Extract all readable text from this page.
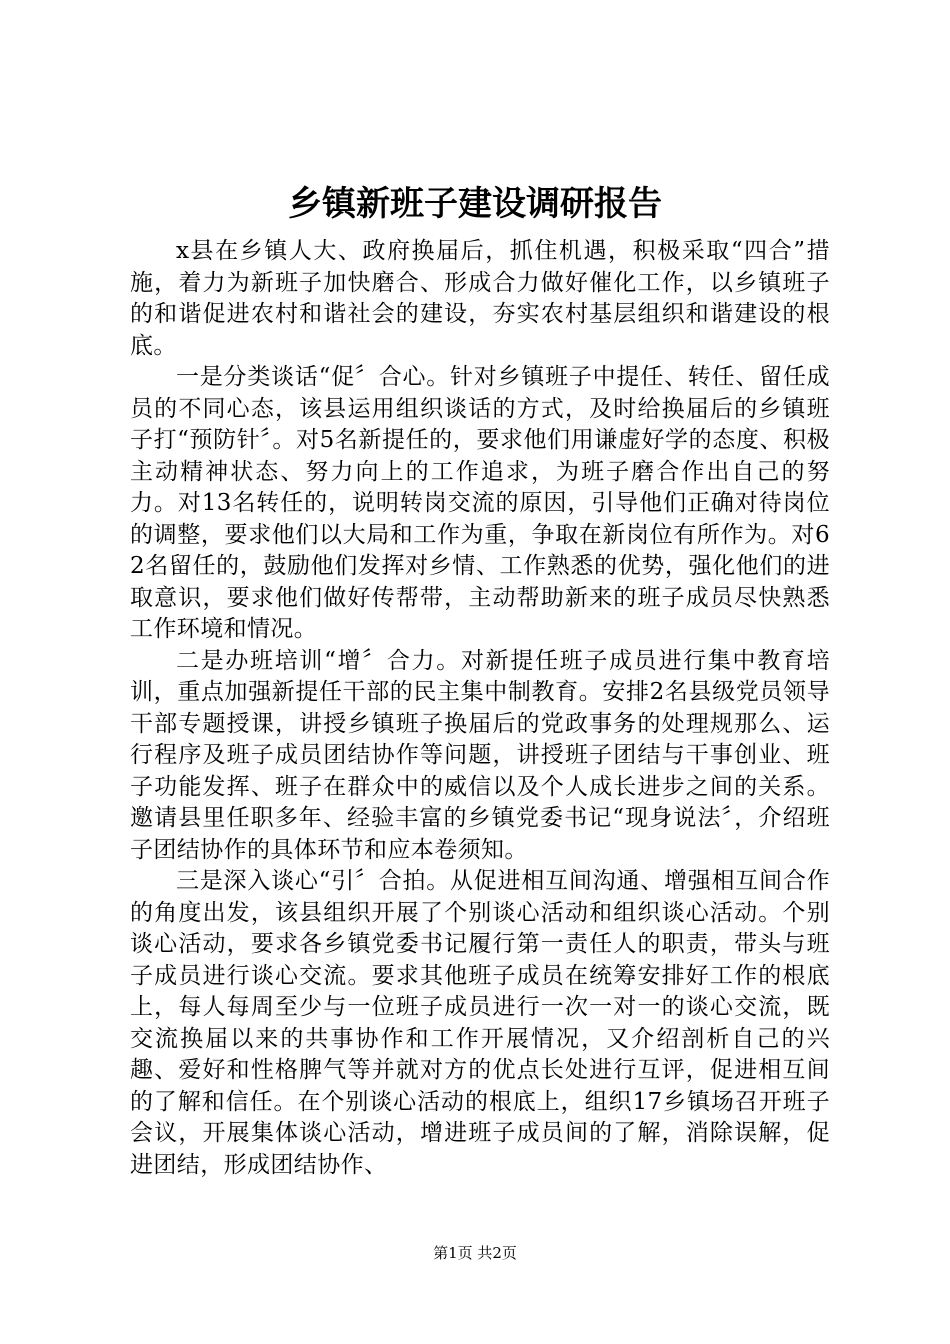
乡镇新班子建设调研报告

x县在乡镇人大、政府换届后，抓住机遇，积极采取“四合”措施，着力为新班子加快磨合、形成合力做好催化工作，以乡镇班子的和谐促进农村和谐社会的建设，夯实农村基层组织和谐建设的根底。

一是分类谈话“促〞合心。针对乡镇班子中提任、转任、留任成员的不同心态，该县运用组织谈话的方式，及时给换届后的乡镇班子打“预防针〞。对5名新提任的，要求他们用谦虚好学的态度、积极主动精神状态、努力向上的工作追求，为班子磨合作出自己的努力。对13名转任的，说明转岗交流的原因，引导他们正确对待岗位的调整，要求他们以大局和工作为重，争取在新岗位有所作为。对62名留任的，鼓励他们发挥对乡情、工作熟悉的优势，强化他们的进取意识，要求他们做好传帮带，主动帮助新来的班子成员尽快熟悉工作环境和情况。

二是办班培训“增〞合力。对新提任班子成员进行集中教育培训，重点加强新提任干部的民主集中制教育。安排2名县级党员领导干部专题授课，讲授乡镇班子换届后的党政事务的处理规那么、运行程序及班子成员团结协作等问题，讲授班子团结与干事创业、班子功能发挥、班子在群众中的威信以及个人成长进步之间的关系。邀请县里任职多年、经验丰富的乡镇党委书记“现身说法〞，介绍班子团结协作的具体环节和应本卷须知。

三是深入谈心“引〞合拍。从促进相互间沟通、增强相互间合作的角度出发，该县组织开展了个别谈心活动和组织谈心活动。个别谈心活动，要求各乡镇党委书记履行第一责任人的职责，带头与班子成员进行谈心交流。要求其他班子成员在统筹安排好工作的根底上，每人每周至少与一位班子成员进行一次一对一的谈心交流，既交流换届以来的共事协作和工作开展情况，又介绍剖析自己的兴趣、爱好和性格脾气等并就对方的优点长处进行互评，促进相互间的了解和信任。在个别谈心活动的根底上，组织17乡镇场召开班子会议，开展集体谈心活动，增进班子成员间的了解，消除误解，促进团结，形成团结协作、

第1页 共2页
